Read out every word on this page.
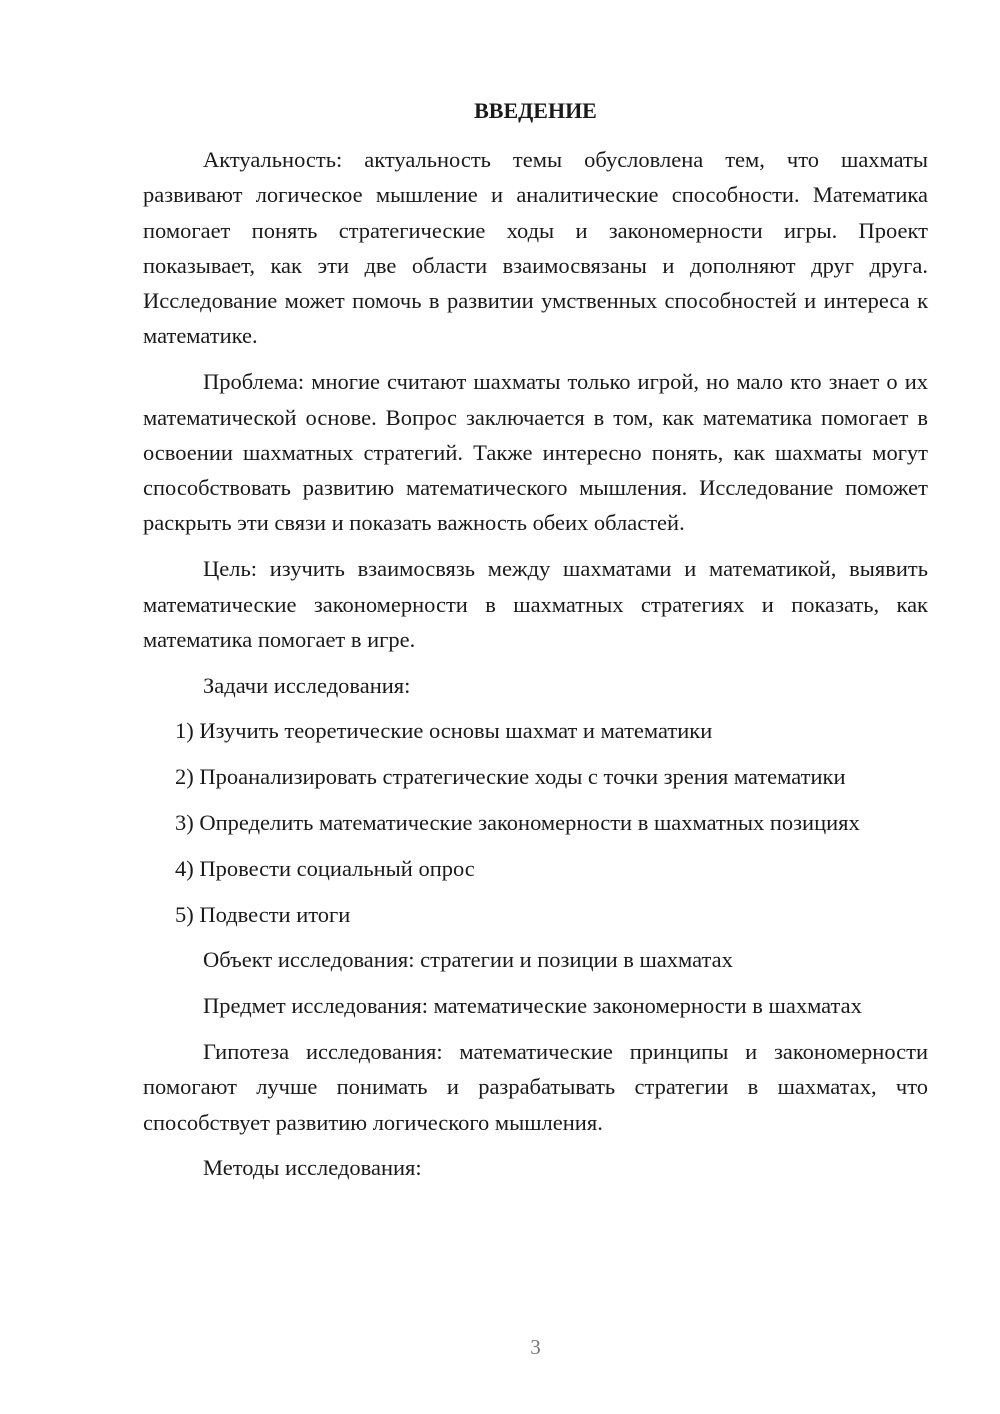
ВВЕДЕНИЕ

Актуальность: актуальность темы обусловлена тем, что шахматы развивают логическое мышление и аналитические способности. Математика помогает понять стратегические ходы и закономерности игры. Проект показывает, как эти две области взаимосвязаны и дополняют друг друга. Исследование может помочь в развитии умственных способностей и интереса к математике.

Проблема: многие считают шахматы только игрой, но мало кто знает о их математической основе. Вопрос заключается в том, как математика помогает в освоении шахматных стратегий. Также интересно понять, как шахматы могут способствовать развитию математического мышления. Исследование поможет раскрыть эти связи и показать важность обеих областей.

Цель: изучить взаимосвязь между шахматами и математикой, выявить математические закономерности в шахматных стратегиях и показать, как математика помогает в игре.

Задачи исследования:

1) Изучить теоретические основы шахмат и математики

2) Проанализировать стратегические ходы с точки зрения математики

3) Определить математические закономерности в шахматных позициях

4) Провести социальный опрос

5) Подвести итоги

Объект исследования: стратегии и позиции в шахматах

Предмет исследования: математические закономерности в шахматах

Гипотеза исследования: математические принципы и закономерности помогают лучше понимать и разрабатывать стратегии в шахматах, что способствует развитию логического мышления.

Методы исследования:

3
